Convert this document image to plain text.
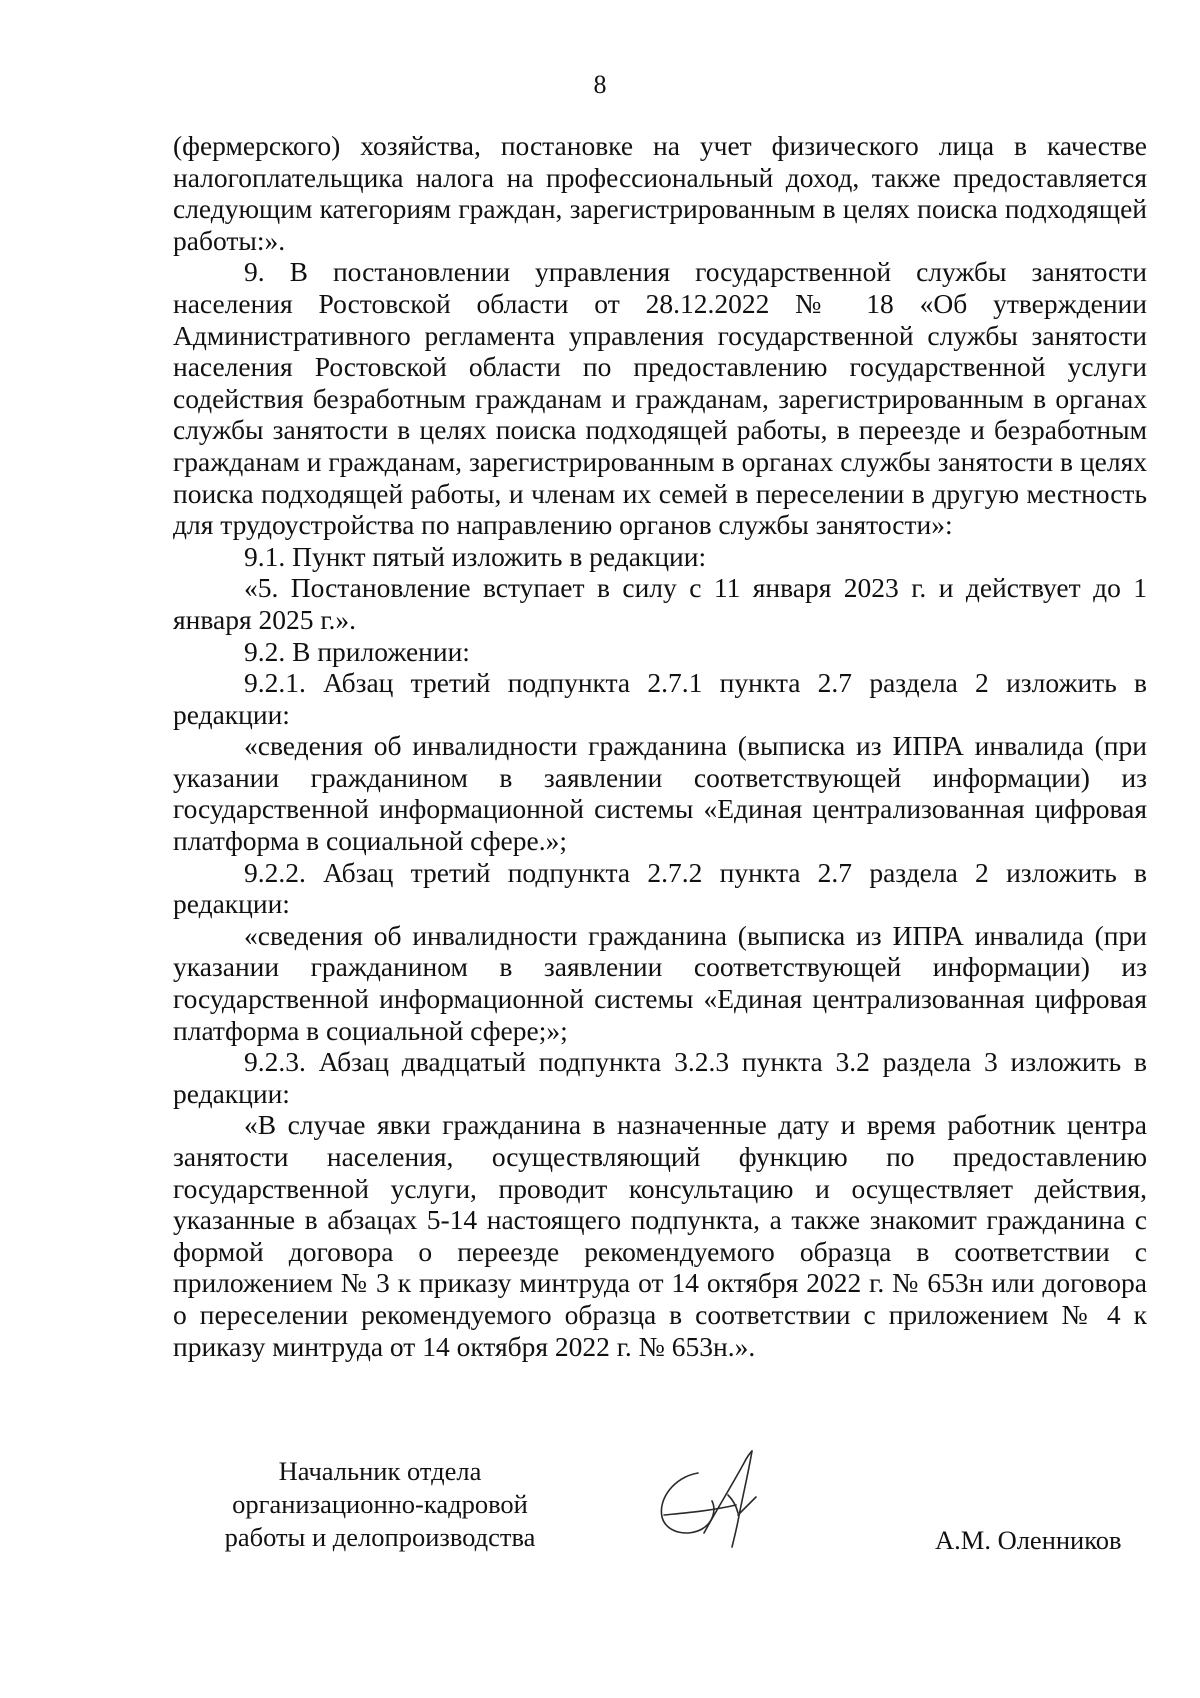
8

(фермерского) хозяйства, постановке на учет физического лица в качестве налогоплательщика налога на профессиональный доход, также предоставляется следующим категориям граждан, зарегистрированным в целях поиска подходящей работы:».

9. В постановлении управления государственной службы занятости населения Ростовской области от 28.12.2022 № 18 «Об утверждении Административного регламента управления государственной службы занятости населения Ростовской области по предоставлению государственной услуги содействия безработным гражданам и гражданам, зарегистрированным в органах службы занятости в целях поиска подходящей работы, в переезде и безработным гражданам и гражданам, зарегистрированным в органах службы занятости в целях поиска подходящей работы, и членам их семей в переселении в другую местность для трудоустройства по направлению органов службы занятости»:

9.1. Пункт пятый изложить в редакции:

«5. Постановление вступает в силу с 11 января 2023 г. и действует до 1 января 2025 г.».

9.2. В приложении:

9.2.1. Абзац третий подпункта 2.7.1 пункта 2.7 раздела 2 изложить в редакции:

«сведения об инвалидности гражданина (выписка из ИПРА инвалида (при указании гражданином в заявлении соответствующей информации) из государственной информационной системы «Единая централизованная цифровая платформа в социальной сфере.»;

9.2.2. Абзац третий подпункта 2.7.2 пункта 2.7 раздела 2 изложить в редакции:

«сведения об инвалидности гражданина (выписка из ИПРА инвалида (при указании гражданином в заявлении соответствующей информации) из государственной информационной системы «Единая централизованная цифровая платформа в социальной сфере;»;

9.2.3. Абзац двадцатый подпункта 3.2.3 пункта 3.2 раздела 3 изложить в редакции:

«В случае явки гражданина в назначенные дату и время работник центра занятости населения, осуществляющий функцию по предоставлению государственной услуги, проводит консультацию и осуществляет действия, указанные в абзацах 5-14 настоящего подпункта, а также знакомит гражданина с формой договора о переезде рекомендуемого образца в соответствии с приложением № 3 к приказу минтруда от 14 октября 2022 г. № 653н или договора о переселении рекомендуемого образца в соответствии с приложением № 4 к приказу минтруда от 14 октября 2022 г. № 653н.».

Начальник отдела
организационно-кадровой
работы и делопроизводства	А.М. Оленников
